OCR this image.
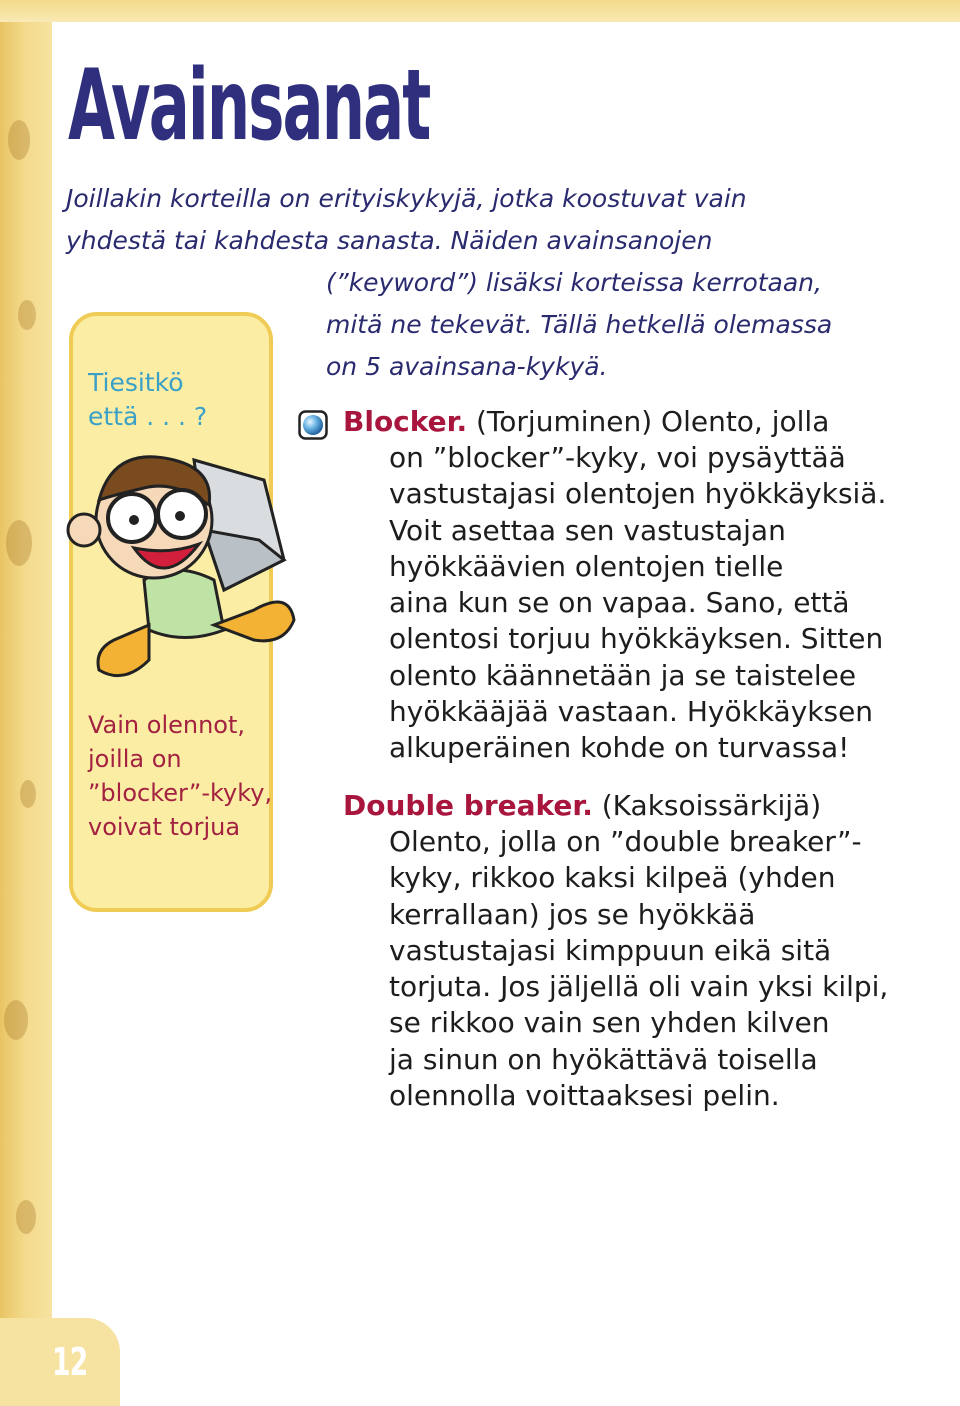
12
Avainsanat
Joillakin korteilla on erityiskykyjä, jotka koostuvat vain
yhdestä tai kahdesta sanasta. Näiden avainsanojen
(”keyword”) lisäksi korteissa kerrotaan,
mitä ne tekevät. Tällä hetkellä olemassa
on 5 avainsana-kykyä.
Tiesitkö
että . . . ?
Vain olennot,
joilla on
”blocker”-kyky,
voivat torjua
Blocker. (Torjuminen) Olento, jolla
on ”blocker”-kyky, voi pysäyttää
vastustajasi olentojen hyökkäyksiä.
Voit asettaa sen vastustajan
hyökkäävien olentojen tielle
aina kun se on vapaa. Sano, että
olentosi torjuu hyökkäyksen. Sitten
olento käännetään ja se taistelee
hyökkääjää vastaan. Hyökkäyksen
alkuperäinen kohde on turvassa!
Double breaker. (Kaksoissärkijä)
Olento, jolla on ”double breaker”-
kyky, rikkoo kaksi kilpeä (yhden
kerrallaan) jos se hyökkää
vastustajasi kimppuun eikä sitä
torjuta. Jos jäljellä oli vain yksi kilpi,
se rikkoo vain sen yhden kilven
ja sinun on hyökättävä toisella
olennolla voittaaksesi pelin.
